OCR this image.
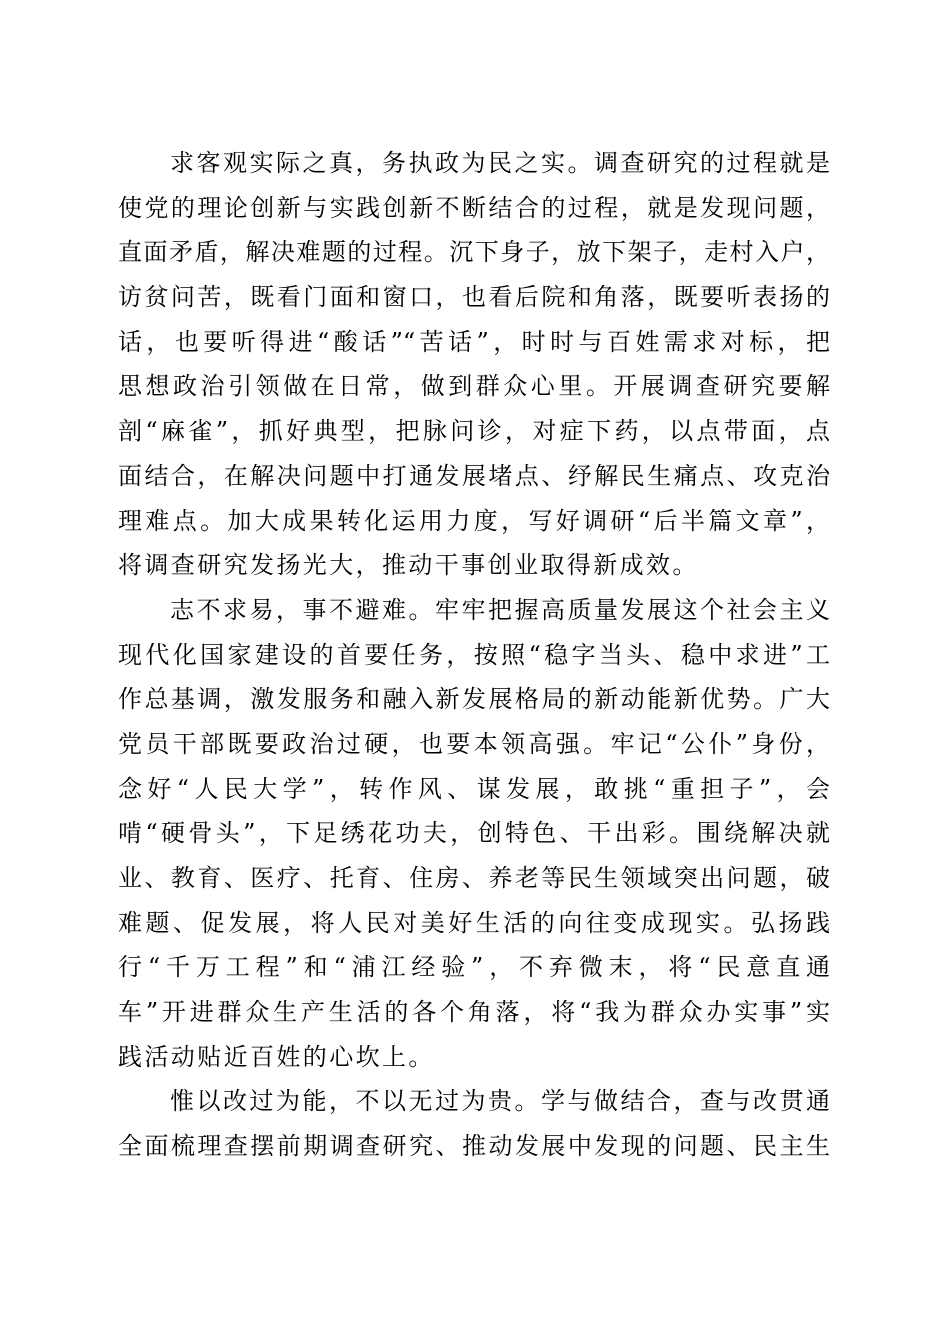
求客观实际之真，务执政为民之实。调查研究的过程就是
使党的理论创新与实践创新不断结合的过程，就是发现问题，
直面矛盾，解决难题的过程。沉下身子，放下架子，走村入户，
访贫问苦，既看门面和窗口，也看后院和角落，既要听表扬的
话，也要听得进“酸话”“苦话”，时时与百姓需求对标，把
思想政治引领做在日常，做到群众心里。开展调查研究要解
剖“麻雀”，抓好典型，把脉问诊，对症下药，以点带面，点
面结合，在解决问题中打通发展堵点、纾解民生痛点、攻克治
理难点。加大成果转化运用力度，写好调研“后半篇文章”，
将调查研究发扬光大，推动干事创业取得新成效。
志不求易，事不避难。牢牢把握高质量发展这个社会主义
现代化国家建设的首要任务，按照“稳字当头、稳中求进”工
作总基调，激发服务和融入新发展格局的新动能新优势。广大
党员干部既要政治过硬，也要本领高强。牢记“公仆”身份，
念好“人民大学”，转作风、谋发展，敢挑“重担子”，会
啃“硬骨头”，下足绣花功夫，创特色、干出彩。围绕解决就
业、教育、医疗、托育、住房、养老等民生领域突出问题，破
难题、促发展，将人民对美好生活的向往变成现实。弘扬践
行“千万工程”和“浦江经验”，不弃微末，将“民意直通
车”开进群众生产生活的各个角落，将“我为群众办实事”实
践活动贴近百姓的心坎上。
惟以改过为能，不以无过为贵。学与做结合，查与改贯通
全面梳理查摆前期调查研究、推动发展中发现的问题、民主生
